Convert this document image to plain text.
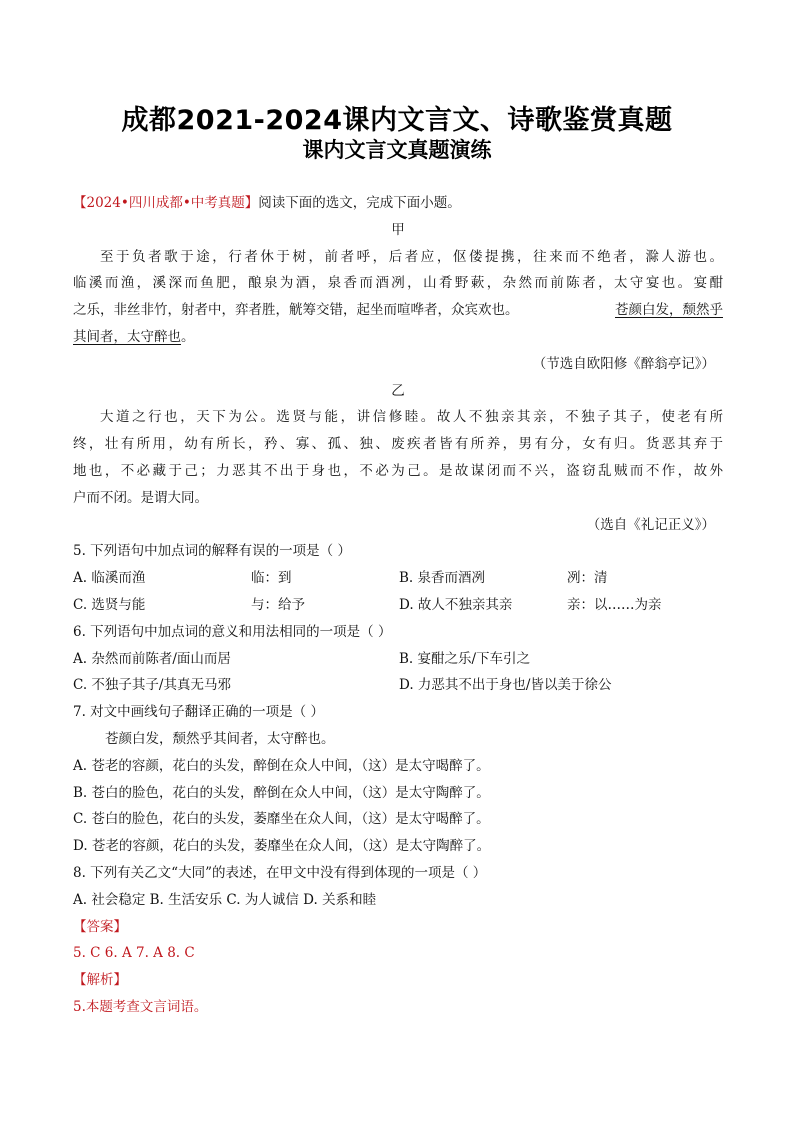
成都2021-2024课内文言文、诗歌鉴赏真题
课内文言文真题演练
【2024•四川成都•中考真题】阅读下面的选文，完成下面小题。
甲
至于负者歌于途，行者休于树，前者呼，后者应，伛偻提携，往来而不绝者，滁人游也。
临溪而渔，溪深而鱼肥，酿泉为酒，泉香而酒冽，山肴野蔌，杂然而前陈者，太守宴也。宴酣
之乐，非丝非竹，射者中，弈者胜，觥筹交错，起坐而喧哗者，众宾欢也。	苍颜白发，颓然乎
其间者，太守醉也。
（节选自欧阳修《醉翁亭记》）
乙
大道之行也，天下为公。选贤与能，讲信修睦。故人不独亲其亲，不独子其子，使老有所
终，壮有所用，幼有所长，矜、寡、孤、独、废疾者皆有所养，男有分，女有归。货恶其弃于
地也，不必藏于己；力恶其不出于身也，不必为己。是故谋闭而不兴，盗窃乱贼而不作，故外
户而不闭。是谓大同。
（选自《礼记正义》）
5. 下列语句中加点词的解释有误的一项是（ ）
A. 临溪而渔	临：到	B. 泉香而酒冽	冽：清
C. 选贤与能	与：给予	D. 故人不独亲其亲	亲：以……为亲
6. 下列语句中加点词的意义和用法相同的一项是（ ）
A. 杂然而前陈者/面山而居	B. 宴酣之乐/下车引之
C. 不独子其子/其真无马邪	D. 力恶其不出于身也/皆以美于徐公
7. 对文中画线句子翻译正确的一项是（ ）
苍颜白发，颓然乎其间者，太守醉也。
A. 苍老的容颜，花白的头发，醉倒在众人中间，（这）是太守喝醉了。
B. 苍白的脸色，花白的头发，醉倒在众人中间，（这）是太守陶醉了。
C. 苍白的脸色，花白的头发，萎靡坐在众人间，（这）是太守喝醉了。
D. 苍老的容颜，花白的头发，萎靡坐在众人间，（这）是太守陶醉了。
8. 下列有关乙文“大同”的表述，在甲文中没有得到体现的一项是（ ）
A. 社会稳定 B. 生活安乐 C. 为人诚信 D. 关系和睦
【答案】
5. C 6. A 7. A 8. C
【解析】
5.本题考查文言词语。
